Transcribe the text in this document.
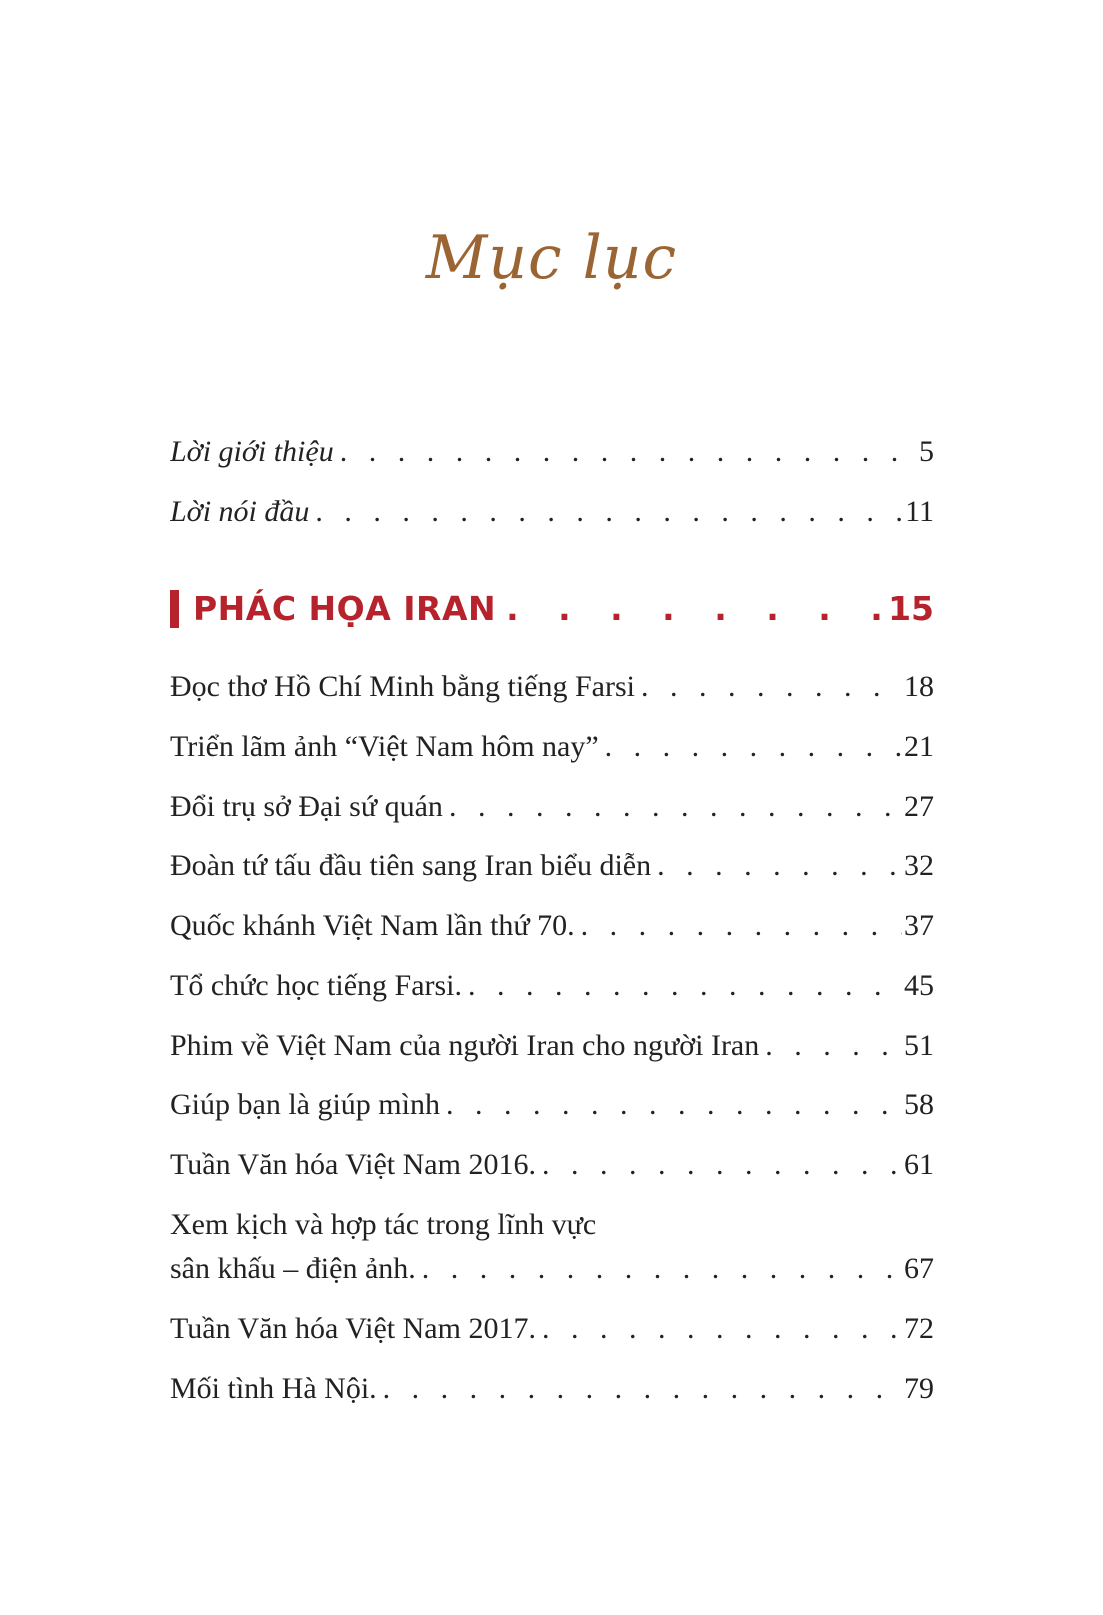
Mục lục
Lời giới thiệu . . .	5
Lời nói đầu . . .	11
PHÁC HỌA IRAN . . .	15
Đọc thơ Hồ Chí Minh bằng tiếng Farsi . . .	18
Triển lãm ảnh “Việt Nam hôm nay” . . .	21
Đổi trụ sở Đại sứ quán . . .	27
Đoàn tứ tấu đầu tiên sang Iran biểu diễn . . .	32
Quốc khánh Việt Nam lần thứ 70. . . .	37
Tổ chức học tiếng Farsi. . . .	45
Phim về Việt Nam của người Iran cho người Iran . . .	51
Giúp bạn là giúp mình . . .	58
Tuần Văn hóa Việt Nam 2016. . . .	61
Xem kịch và hợp tác trong lĩnh vực
sân khấu – điện ảnh. . . .	67
Tuần Văn hóa Việt Nam 2017. . . .	72
Mối tình Hà Nội. . . .	79
